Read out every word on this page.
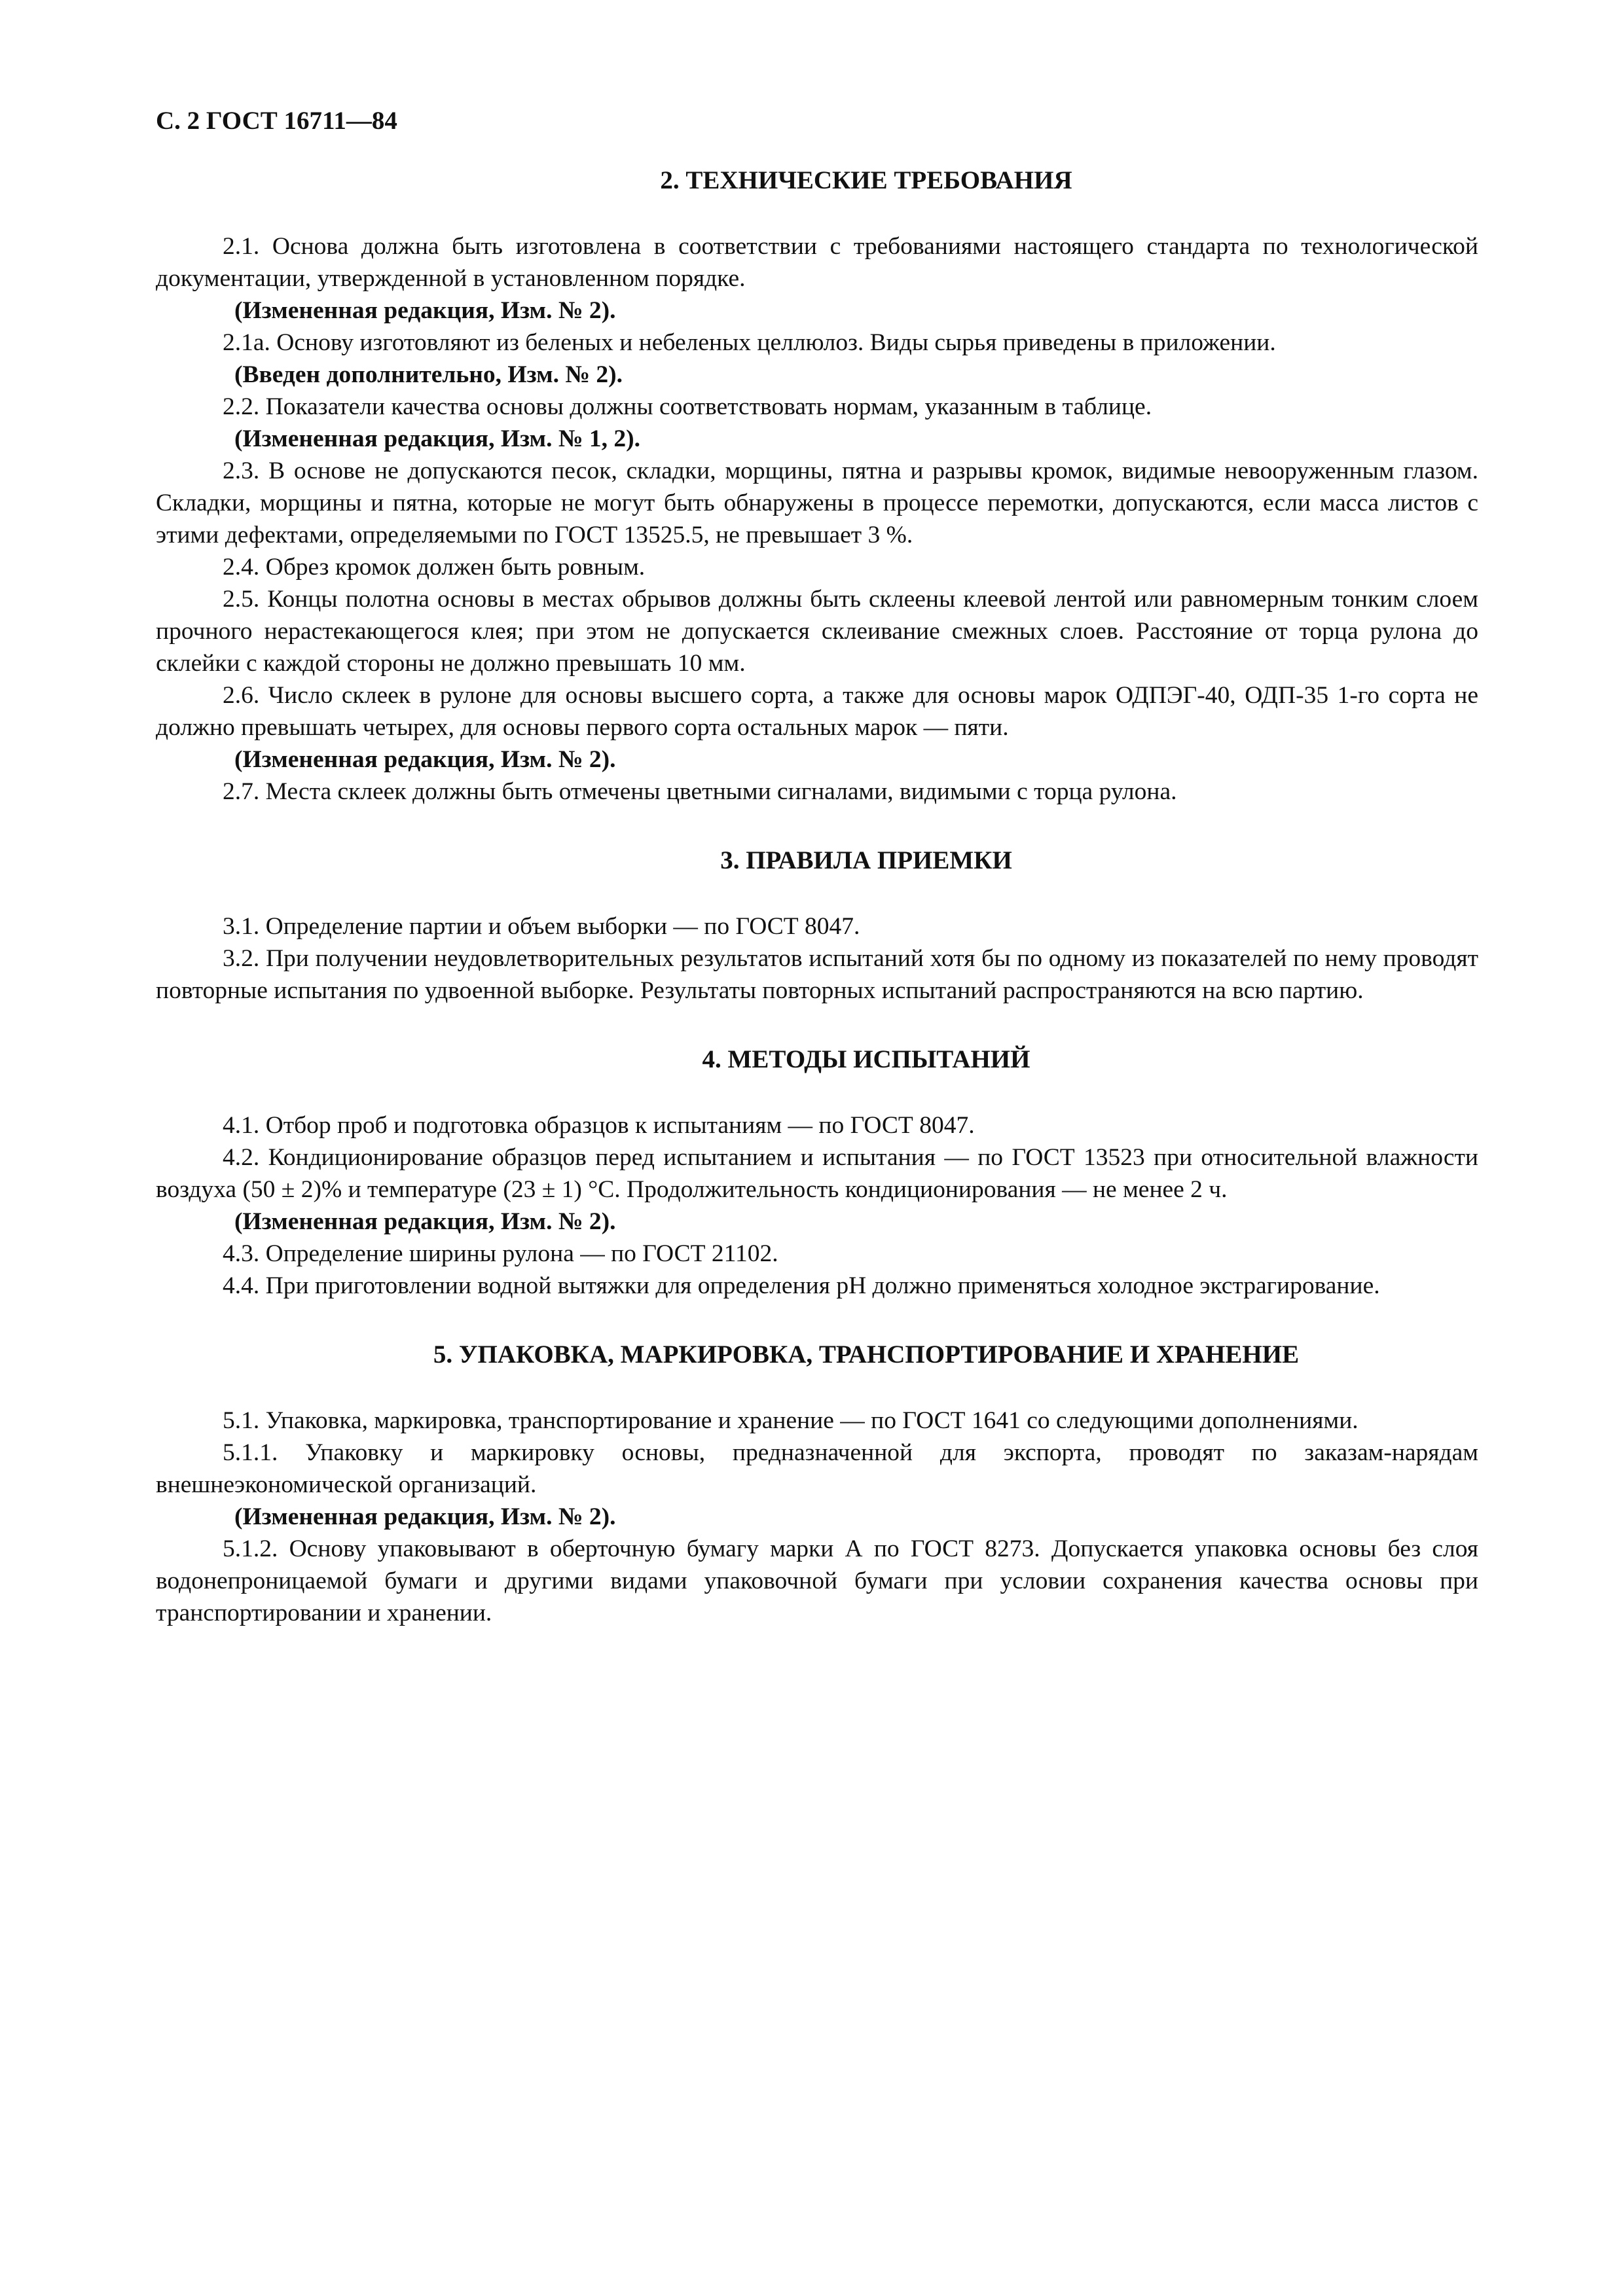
С. 2 ГОСТ 16711—84
2. ТЕХНИЧЕСКИЕ ТРЕБОВАНИЯ

2.1. Основа должна быть изготовлена в соответствии с требованиями настоящего стандарта по технологической документации, утвержденной в установленном порядке.

(Измененная редакция, Изм. № 2).

2.1а. Основу изготовляют из беленых и небеленых целлюлоз. Виды сырья приведены в приложении.

(Введен дополнительно, Изм. № 2).

2.2. Показатели качества основы должны соответствовать нормам, указанным в таблице.

(Измененная редакция, Изм. № 1, 2).

2.3. В основе не допускаются песок, складки, морщины, пятна и разрывы кромок, видимые невооруженным глазом. Складки, морщины и пятна, которые не могут быть обнаружены в процессе перемотки, допускаются, если масса листов с этими дефектами, определяемыми по ГОСТ 13525.5, не превышает 3 %.

2.4. Обрез кромок должен быть ровным.

2.5. Концы полотна основы в местах обрывов должны быть склеены клеевой лентой или равномерным тонким слоем прочного нерастекающегося клея; при этом не допускается склеивание смежных слоев. Расстояние от торца рулона до склейки с каждой стороны не должно превышать 10 мм.

2.6. Число склеек в рулоне для основы высшего сорта, а также для основы марок ОДПЭГ-40, ОДП-35 1-го сорта не должно превышать четырех, для основы первого сорта остальных марок — пяти.

(Измененная редакция, Изм. № 2).

2.7. Места склеек должны быть отмечены цветными сигналами, видимыми с торца рулона.

3. ПРАВИЛА ПРИЕМКИ

3.1. Определение партии и объем выборки — по ГОСТ 8047.

3.2. При получении неудовлетворительных результатов испытаний хотя бы по одному из показателей по нему проводят повторные испытания по удвоенной выборке. Результаты повторных испытаний распространяются на всю партию.

4. МЕТОДЫ ИСПЫТАНИЙ

4.1. Отбор проб и подготовка образцов к испытаниям — по ГОСТ 8047.

4.2. Кондиционирование образцов перед испытанием и испытания — по ГОСТ 13523 при относительной влажности воздуха (50 ± 2)% и температуре (23 ± 1) °С. Продолжительность кондиционирования — не менее 2 ч.

(Измененная редакция, Изм. № 2).

4.3. Определение ширины рулона — по ГОСТ 21102.

4.4. При приготовлении водной вытяжки для определения pH должно применяться холодное экстрагирование.

5. УПАКОВКА, МАРКИРОВКА, ТРАНСПОРТИРОВАНИЕ И ХРАНЕНИЕ

5.1. Упаковка, маркировка, транспортирование и хранение — по ГОСТ 1641 со следующими дополнениями.

5.1.1. Упаковку и маркировку основы, предназначенной для экспорта, проводят по заказам-нарядам внешнеэкономической организаций.

(Измененная редакция, Изм. № 2).

5.1.2. Основу упаковывают в оберточную бумагу марки А по ГОСТ 8273. Допускается упаковка основы без слоя водонепроницаемой бумаги и другими видами упаковочной бумаги при условии сохранения качества основы при транспортировании и хранении.
